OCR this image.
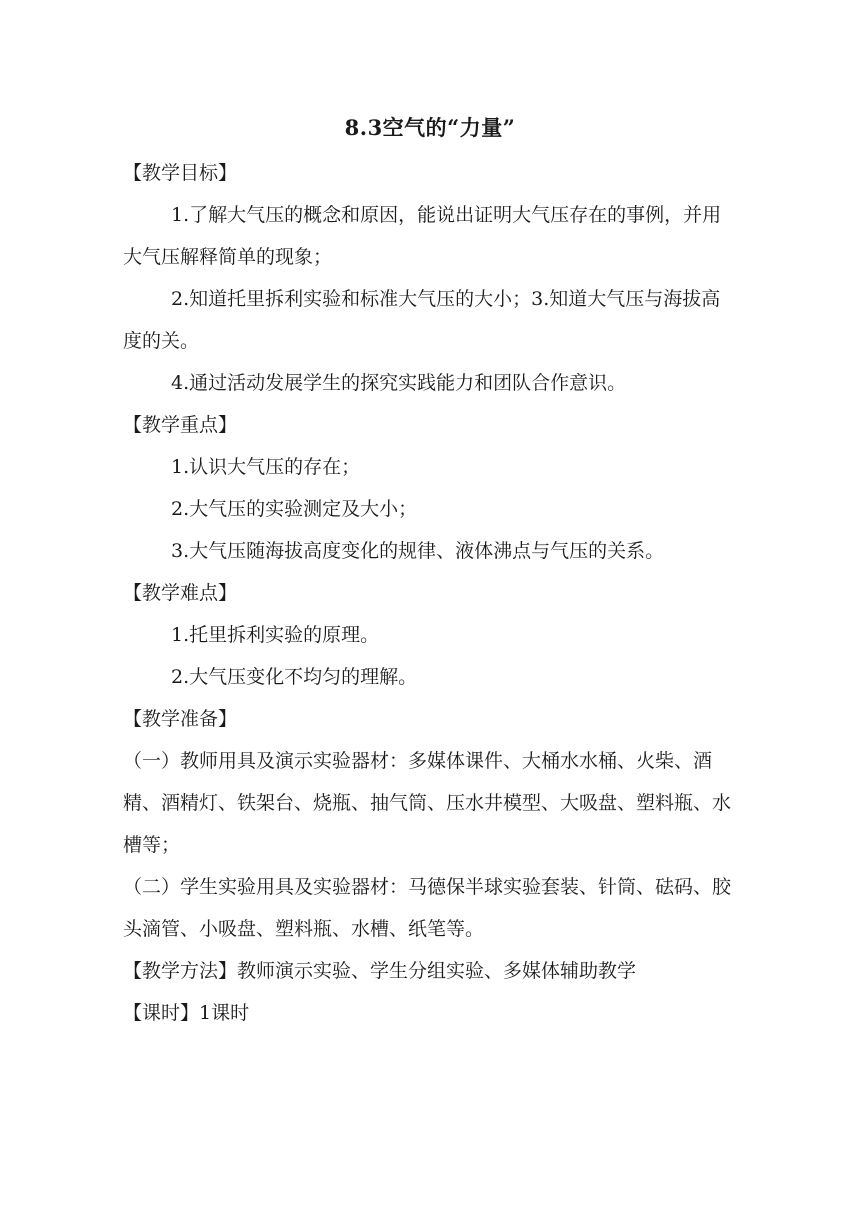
8.3空气的“力量”

【教学目标】

1.了解大气压的概念和原因，能说出证明大气压存在的事例，并用大气压解释简单的现象；

2.知道托里拆利实验和标准大气压的大小；3.知道大气压与海拔高度的关。

4.通过活动发展学生的探究实践能力和团队合作意识。

【教学重点】

1.认识大气压的存在；

2.大气压的实验测定及大小；

3.大气压随海拔高度变化的规律、液体沸点与气压的关系。

【教学难点】

1.托里拆利实验的原理。

2.大气压变化不均匀的理解。

【教学准备】

（一）教师用具及演示实验器材：多媒体课件、大桶水水桶、火柴、酒精、酒精灯、铁架台、烧瓶、抽气筒、压水井模型、大吸盘、塑料瓶、水槽等；

（二）学生实验用具及实验器材：马德保半球实验套装、针筒、砝码、胶头滴管、小吸盘、塑料瓶、水槽、纸笔等。

【教学方法】教师演示实验、学生分组实验、多媒体辅助教学

【课时】1课时
